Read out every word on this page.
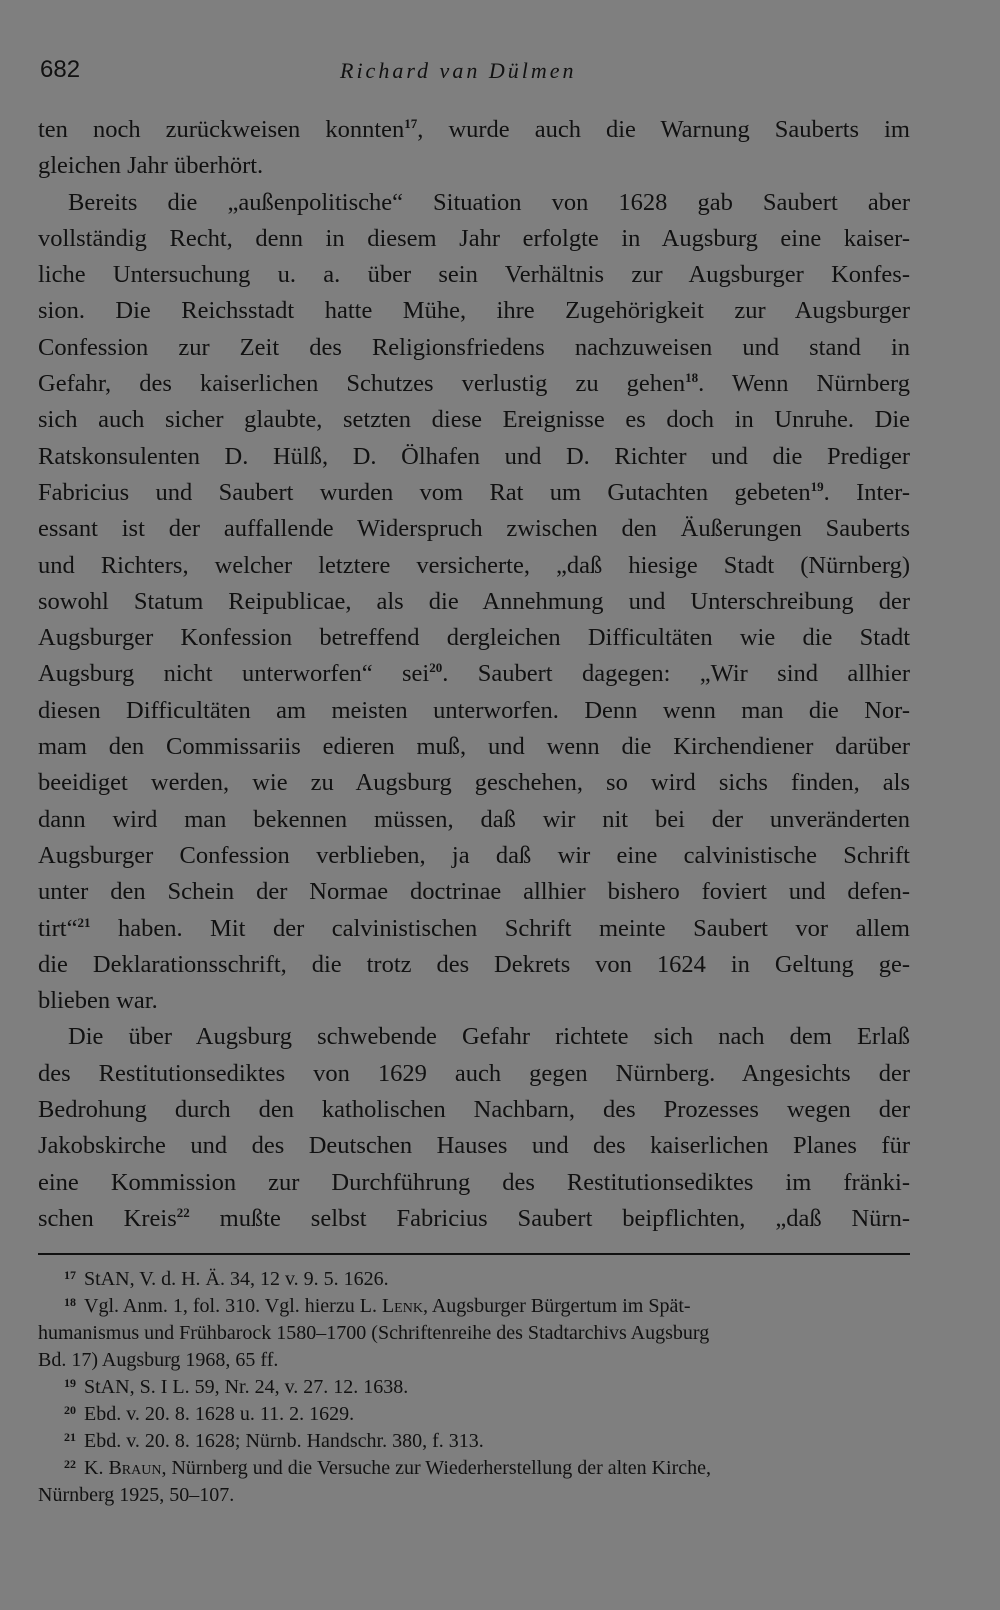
682	Richard van Dülmen
ten noch zurückweisen konnten$^{17}$, wurde auch die Warnung Sauberts im
gleichen Jahr überhört.
Bereits die „außenpolitische“ Situation von 1628 gab Saubert aber
vollständig Recht, denn in diesem Jahr erfolgte in Augsburg eine kaiser-
liche Untersuchung u. a. über sein Verhältnis zur Augsburger Konfes-
sion. Die Reichsstadt hatte Mühe, ihre Zugehörigkeit zur Augsburger
Confession zur Zeit des Religionsfriedens nachzuweisen und stand in
Gefahr, des kaiserlichen Schutzes verlustig zu gehen$^{18}$. Wenn Nürnberg
sich auch sicher glaubte, setzten diese Ereignisse es doch in Unruhe. Die
Ratskonsulenten D. Hülß, D. Ölhafen und D. Richter und die Prediger
Fabricius und Saubert wurden vom Rat um Gutachten gebeten$^{19}$. Inter-
essant ist der auffallende Widerspruch zwischen den Äußerungen Sauberts
und Richters, welcher letztere versicherte, „daß hiesige Stadt (Nürnberg)
sowohl Statum Reipublicae, als die Annehmung und Unterschreibung der
Augsburger Konfession betreffend dergleichen Difficultäten wie die Stadt
Augsburg nicht unterworfen“ sei$^{20}$. Saubert dagegen: „Wir sind allhier
diesen Difficultäten am meisten unterworfen. Denn wenn man die Nor-
mam den Commissariis edieren muß, und wenn die Kirchendiener darüber
beeidiget werden, wie zu Augsburg geschehen, so wird sichs finden, als
dann wird man bekennen müssen, daß wir nit bei der unveränderten
Augsburger Confession verblieben, ja daß wir eine calvinistische Schrift
unter den Schein der Normae doctrinae allhier bishero foviert und defen-
tirt“$^{21}$ haben. Mit der calvinistischen Schrift meinte Saubert vor allem
die Deklarationsschrift, die trotz des Dekrets von 1624 in Geltung ge-
blieben war.
Die über Augsburg schwebende Gefahr richtete sich nach dem Erlaß
des Restitutionsediktes von 1629 auch gegen Nürnberg. Angesichts der
Bedrohung durch den katholischen Nachbarn, des Prozesses wegen der
Jakobskirche und des Deutschen Hauses und des kaiserlichen Planes für
eine Kommission zur Durchführung des Restitutionsediktes im fränki-
schen Kreis$^{22}$ mußte selbst Fabricius Saubert beipflichten, „daß Nürn-
$^{17}$ StAN, V. d. H. Ä. 34, 12 v. 9. 5. 1626.
$^{18}$ Vgl. Anm. 1, fol. 310. Vgl. hierzu L. Lenk, Augsburger Bürgertum im Spät-
humanismus und Frühbarock 1580–1700 (Schriftenreihe des Stadtarchivs Augsburg
Bd. 17) Augsburg 1968, 65 ff.
$^{19}$ StAN, S. I L. 59, Nr. 24, v. 27. 12. 1638.
$^{20}$ Ebd. v. 20. 8. 1628 u. 11. 2. 1629.
$^{21}$ Ebd. v. 20. 8. 1628; Nürnb. Handschr. 380, f. 313.
$^{22}$ K. Braun, Nürnberg und die Versuche zur Wiederherstellung der alten Kirche,
Nürnberg 1925, 50–107.
